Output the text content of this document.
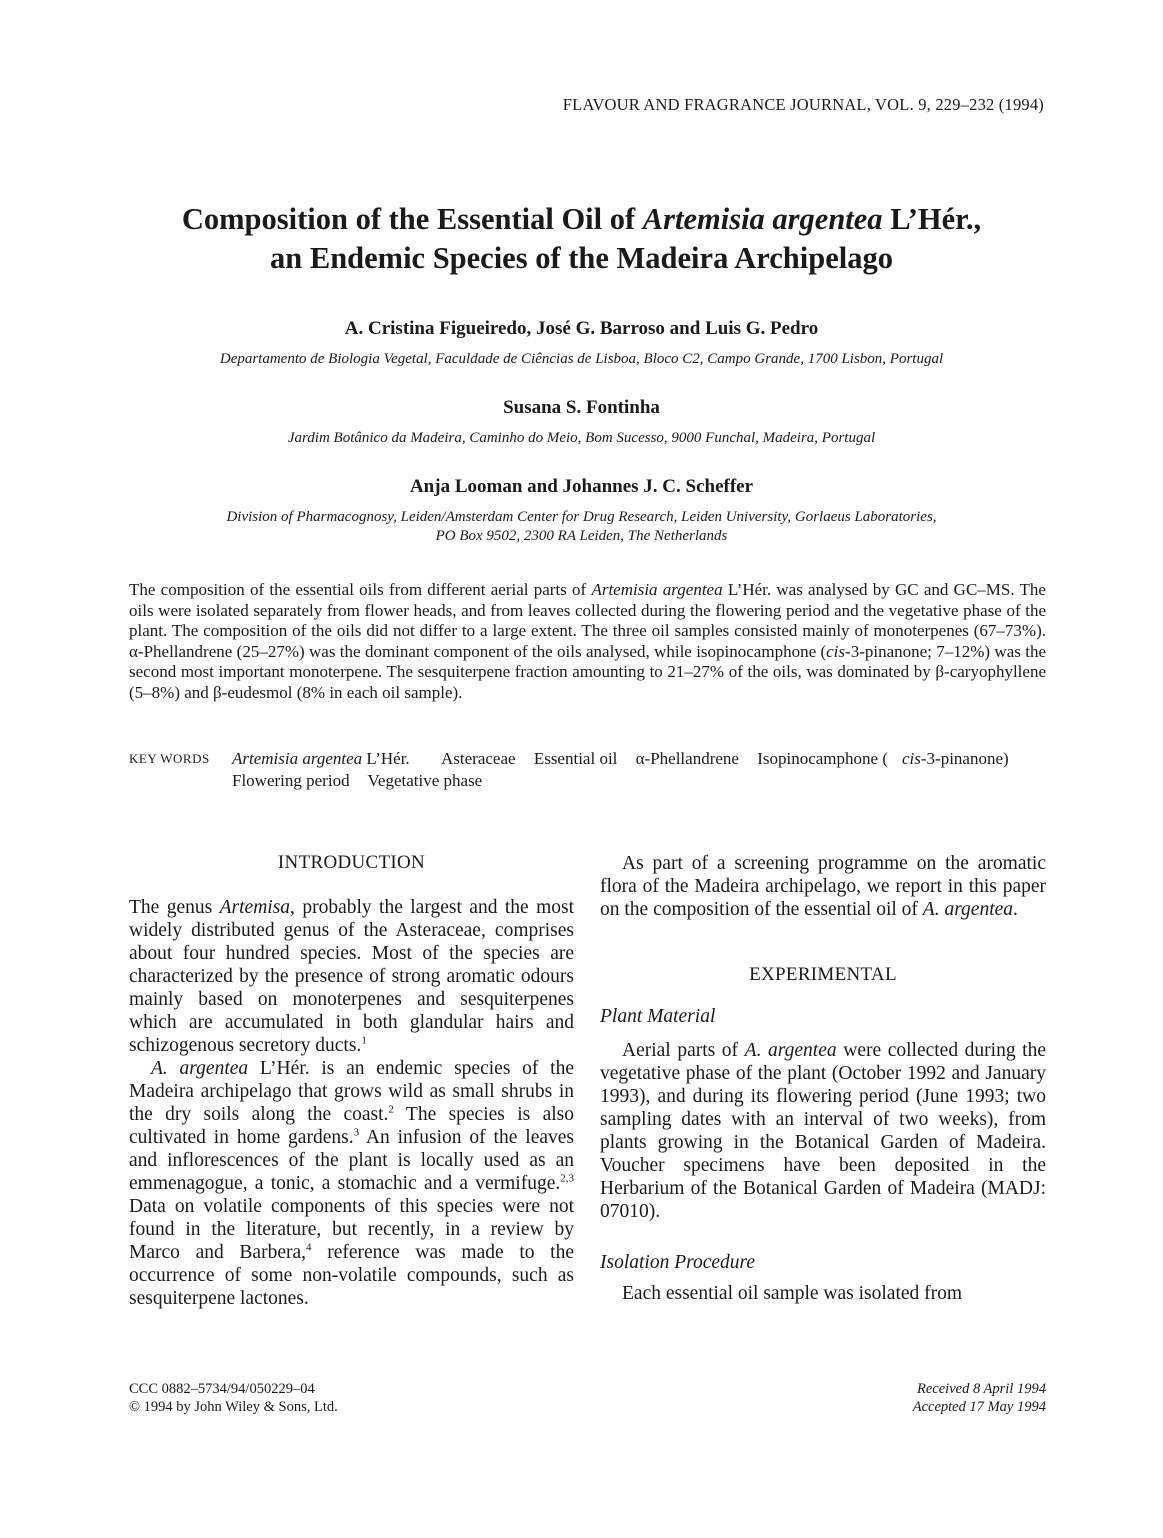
FLAVOUR AND FRAGRANCE JOURNAL, VOL. 9, 229–232 (1994)
Composition of the Essential Oil of Artemisia argentea L’Hér.,
an Endemic Species of the Madeira Archipelago
A. Cristina Figueiredo, José G. Barroso and Luis G. Pedro
Departamento de Biologia Vegetal, Faculdade de Ciências de Lisboa, Bloco C2, Campo Grande, 1700 Lisbon, Portugal
Susana S. Fontinha
Jardim Botânico da Madeira, Caminho do Meio, Bom Sucesso, 9000 Funchal, Madeira, Portugal
Anja Looman and Johannes J. C. Scheffer
Division of Pharmacognosy, Leiden/Amsterdam Center for Drug Research, Leiden University, Gorlaeus Laboratories,
PO Box 9502, 2300 RA Leiden, The Netherlands

The composition of the essential oils from different aerial parts of Artemisia argentea L’Hér. was analysed by GC and GC–MS. The oils were isolated separately from flower heads, and from leaves collected during the flowering period and the vegetative phase of the plant. The composition of the oils did not differ to a large extent. The three oil samples consisted mainly of monoterpenes (67–73%). α-Phellandrene (25–27%) was the dominant component of the oils analysed, while isopinocamphone (cis-3-pinanone; 7–12%) was the second most important monoterpene. The sesquiterpene fraction amounting to 21–27% of the oils, was dominated by β-caryophyllene (5–8%) and β-eudesmol (8% in each oil sample).

KEY WORDS Artemisia argentea L’Hér. Asteraceae Essential oil α-Phellandrene Isopinocamphone ( cis-3-pinanone) Flowering period Vegetative phase
INTRODUCTION

The genus Artemisa, probably the largest and the most widely distributed genus of the Asteraceae, comprises about four hundred species. Most of the species are characterized by the presence of strong aromatic odours mainly based on monoterpenes and sesquiterpenes which are accumulated in both glandular hairs and schizogenous secretory ducts.$^1$

A. argentea L’Hér. is an endemic species of the Madeira archipelago that grows wild as small shrubs in the dry soils along the coast.$^2$ The species is also cultivated in home gardens.$^3$ An infusion of the leaves and inflorescences of the plant is locally used as an emmenagogue, a tonic, a stomachic and a vermifuge.$^{2,3}$ Data on volatile components of this species were not found in the literature, but recently, in a review by Marco and Barbera,$^4$ reference was made to the occurrence of some non-volatile compounds, such as sesquiterpene lactones.

As part of a screening programme on the aromatic flora of the Madeira archipelago, we report in this paper on the composition of the essential oil of A. argentea.

EXPERIMENTAL
Plant Material

Aerial parts of A. argentea were collected during the vegetative phase of the plant (October 1992 and January 1993), and during its flowering period (June 1993; two sampling dates with an interval of two weeks), from plants growing in the Botanical Garden of Madeira. Voucher specimens have been deposited in the Herbarium of the Botanical Garden of Madeira (MADJ: 07010).

Isolation Procedure

Each essential oil sample was isolated from

CCC 0882–5734/94/050229–04
© 1994 by John Wiley & Sons, Ltd.
Received 8 April 1994
Accepted 17 May 1994
